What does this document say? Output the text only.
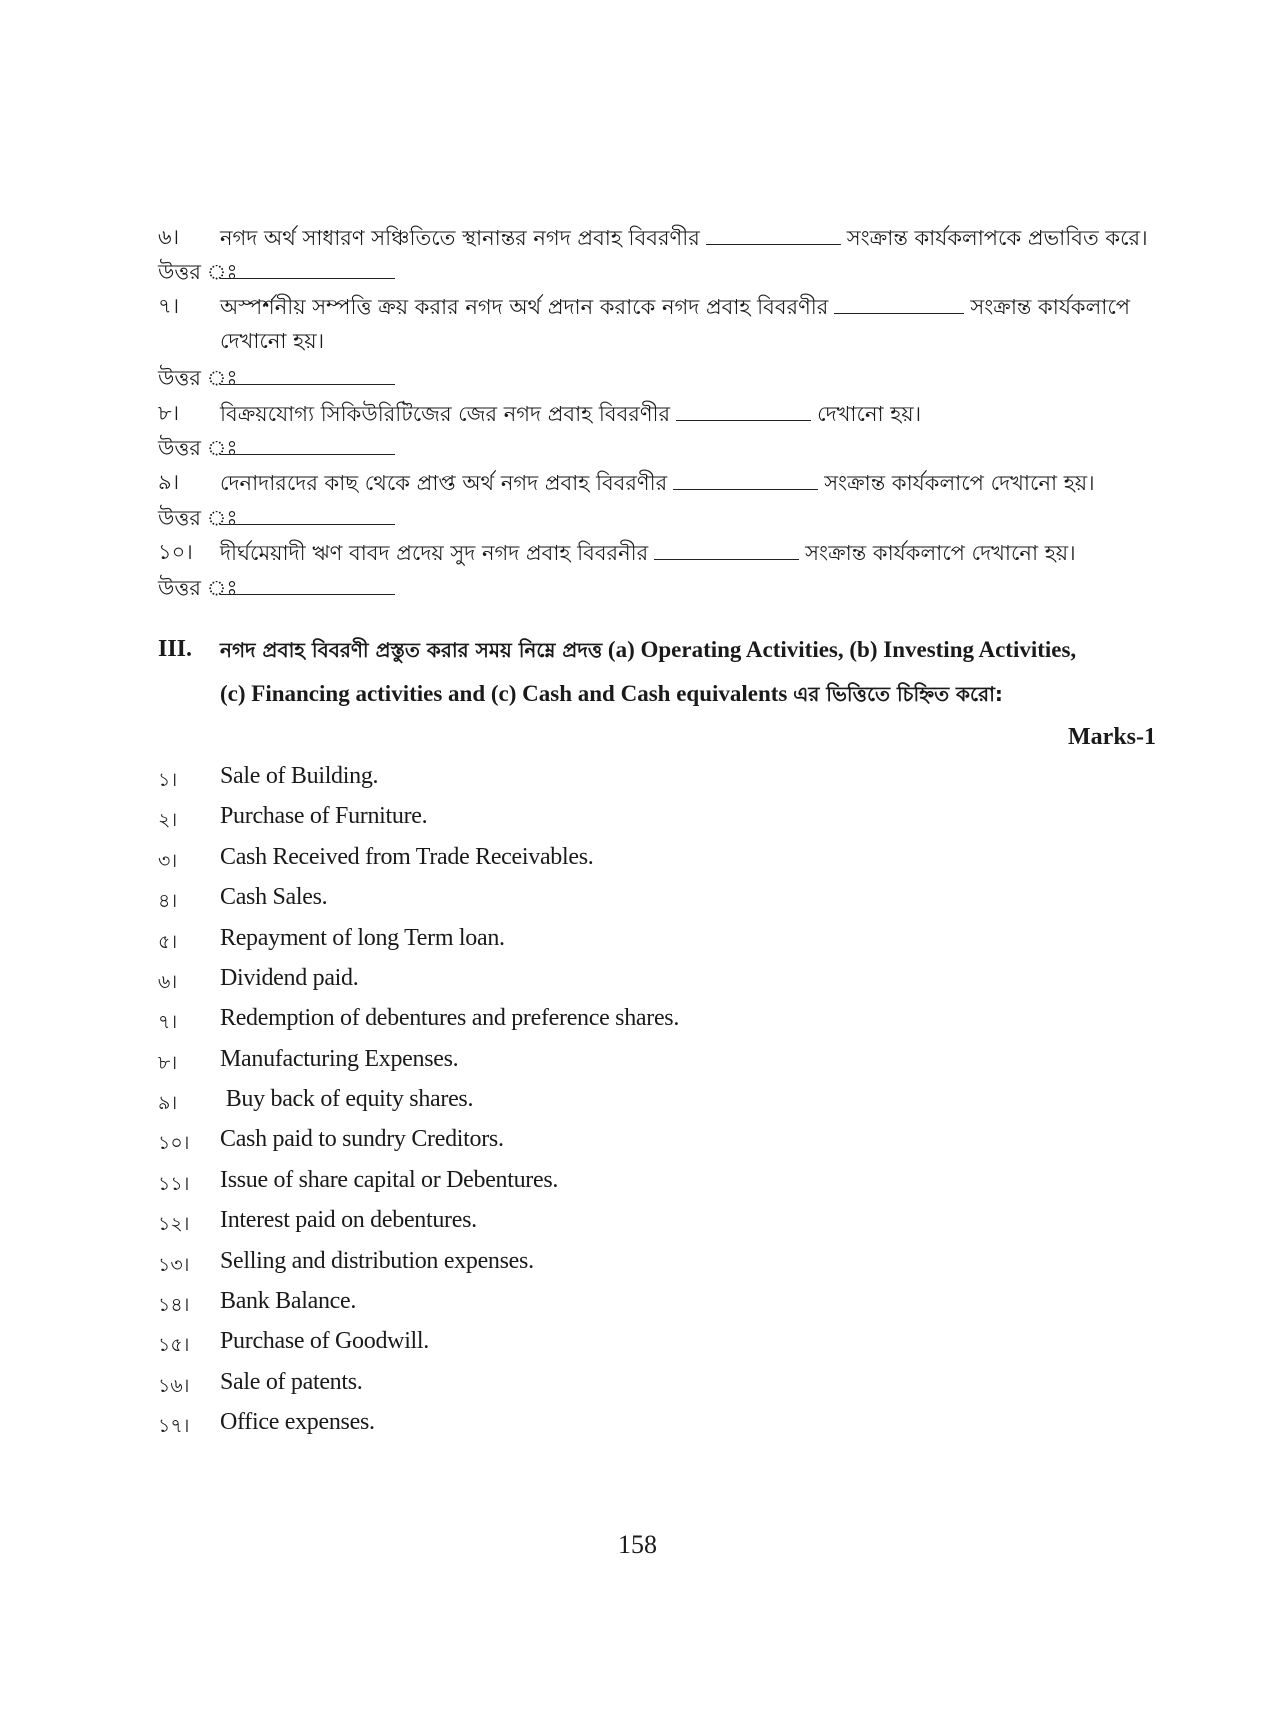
৬।	নগদ অর্থ সাধারণ সঞ্চিতিতে স্থানান্তর নগদ প্রবাহ বিবরণীর	সংক্রান্ত কার্যকলাপকে প্রভাবিত করে।
উত্তর ঃ
৭।	অস্পর্শনীয় সম্পত্তি ক্রয় করার নগদ অর্থ প্রদান করাকে নগদ প্রবাহ বিবরণীর	সংক্রান্ত কার্যকলাপে
দেখানো হয়।
উত্তর ঃ
৮।	বিক্রয়যোগ্য সিকিউরিটিজের জের নগদ প্রবাহ বিবরণীর	দেখানো হয়।
উত্তর ঃ
৯।	দেনাদারদের কাছ থেকে প্রাপ্ত অর্থ নগদ প্রবাহ বিবরণীর	সংক্রান্ত কার্যকলাপে দেখানো হয়।
উত্তর ঃ
১০।	দীর্ঘমেয়াদী ঋণ বাবদ প্রদেয় সুদ নগদ প্রবাহ বিবরনীর	সংক্রান্ত কার্যকলাপে দেখানো হয়।
উত্তর ঃ
III. নগদ প্রবাহ বিবরণী প্রস্তুত করার সময় নিম্নে প্রদত্ত (a) Operating Activities, (b) Investing Activities,
(c) Financing activities and (c) Cash and Cash equivalents এর ভিত্তিতে চিহ্নিত করো:
Marks-1
১। Sale of Building.
২। Purchase of Furniture.
৩। Cash Received from Trade Receivables.
৪। Cash Sales.
৫। Repayment of long Term loan.
৬। Dividend paid.
৭। Redemption of debentures and preference shares.
৮। Manufacturing Expenses.
৯। Buy back of equity shares.
১০। Cash paid to sundry Creditors.
১১। Issue of share capital or Debentures.
১২। Interest paid on debentures.
১৩। Selling and distribution expenses.
১৪। Bank Balance.
১৫। Purchase of Goodwill.
১৬। Sale of patents.
১৭। Office expenses.
158
